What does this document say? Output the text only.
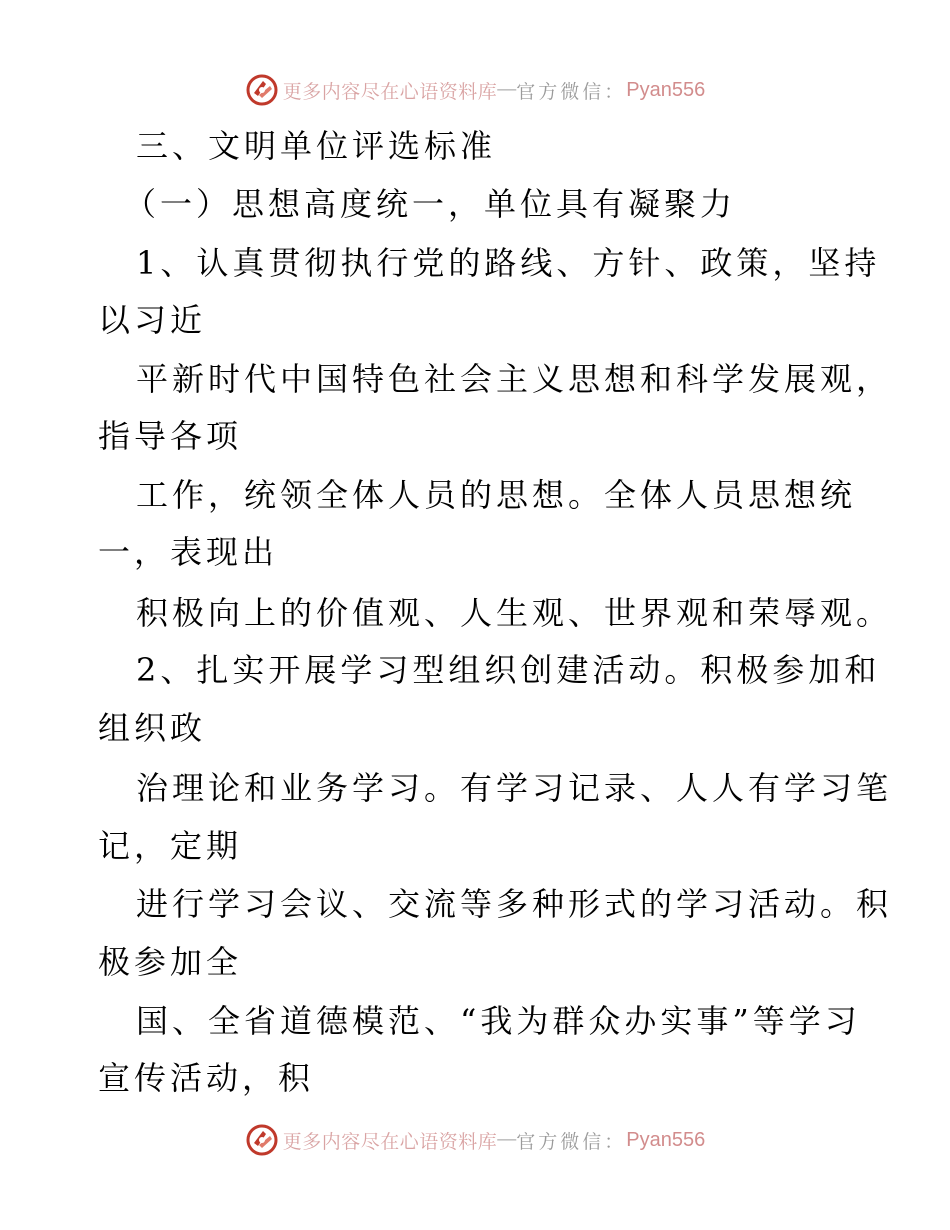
更多内容尽在心语资料库 — 官方微信： Pyan556
三、文明单位评选标准
（一）思想高度统一，单位具有凝聚力
1、认真贯彻执行党的路线、方针、政策，坚持
以习近
平新时代中国特色社会主义思想和科学发展观，
指导各项
工作，统领全体人员的思想。全体人员思想统
一，表现出
积极向上的价值观、人生观、世界观和荣辱观。
2、扎实开展学习型组织创建活动。积极参加和
组织政
治理论和业务学习。有学习记录、人人有学习笔
记，定期
进行学习会议、交流等多种形式的学习活动。积
极参加全
国、全省道德模范、“我为群众办实事”等学习
宣传活动，积
更多内容尽在心语资料库 — 官方微信： Pyan556
